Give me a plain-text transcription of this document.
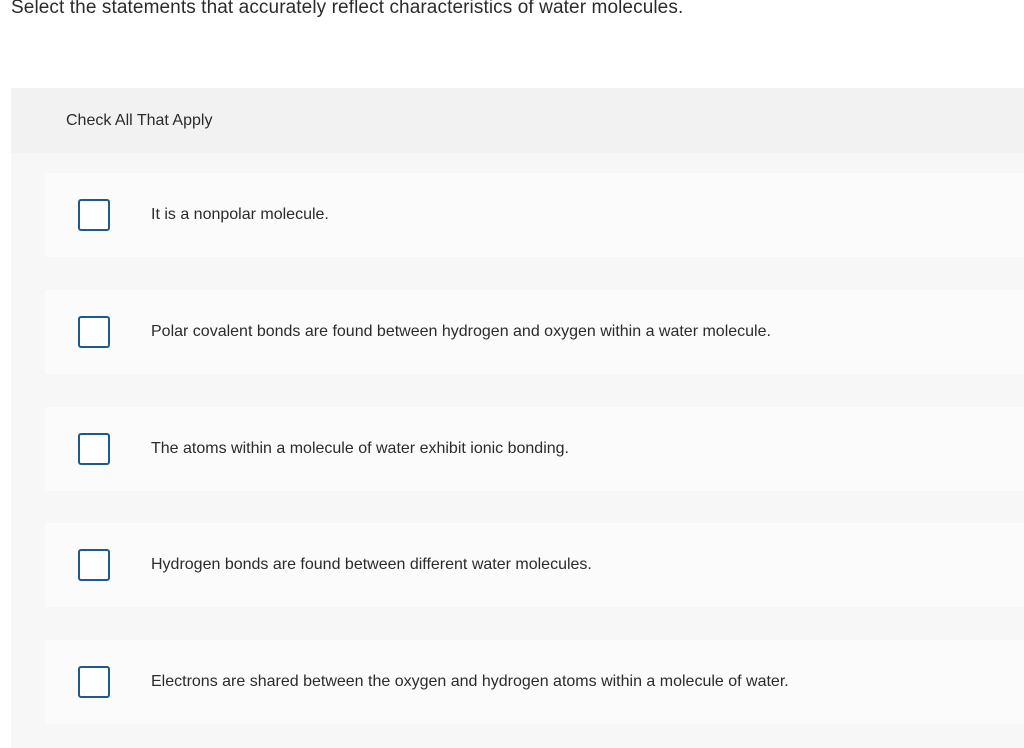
Select the statements that accurately reflect characteristics of water molecules.
Check All That Apply
It is a nonpolar molecule.
Polar covalent bonds are found between hydrogen and oxygen within a water molecule.
The atoms within a molecule of water exhibit ionic bonding.
Hydrogen bonds are found between different water molecules.
Electrons are shared between the oxygen and hydrogen atoms within a molecule of water.
